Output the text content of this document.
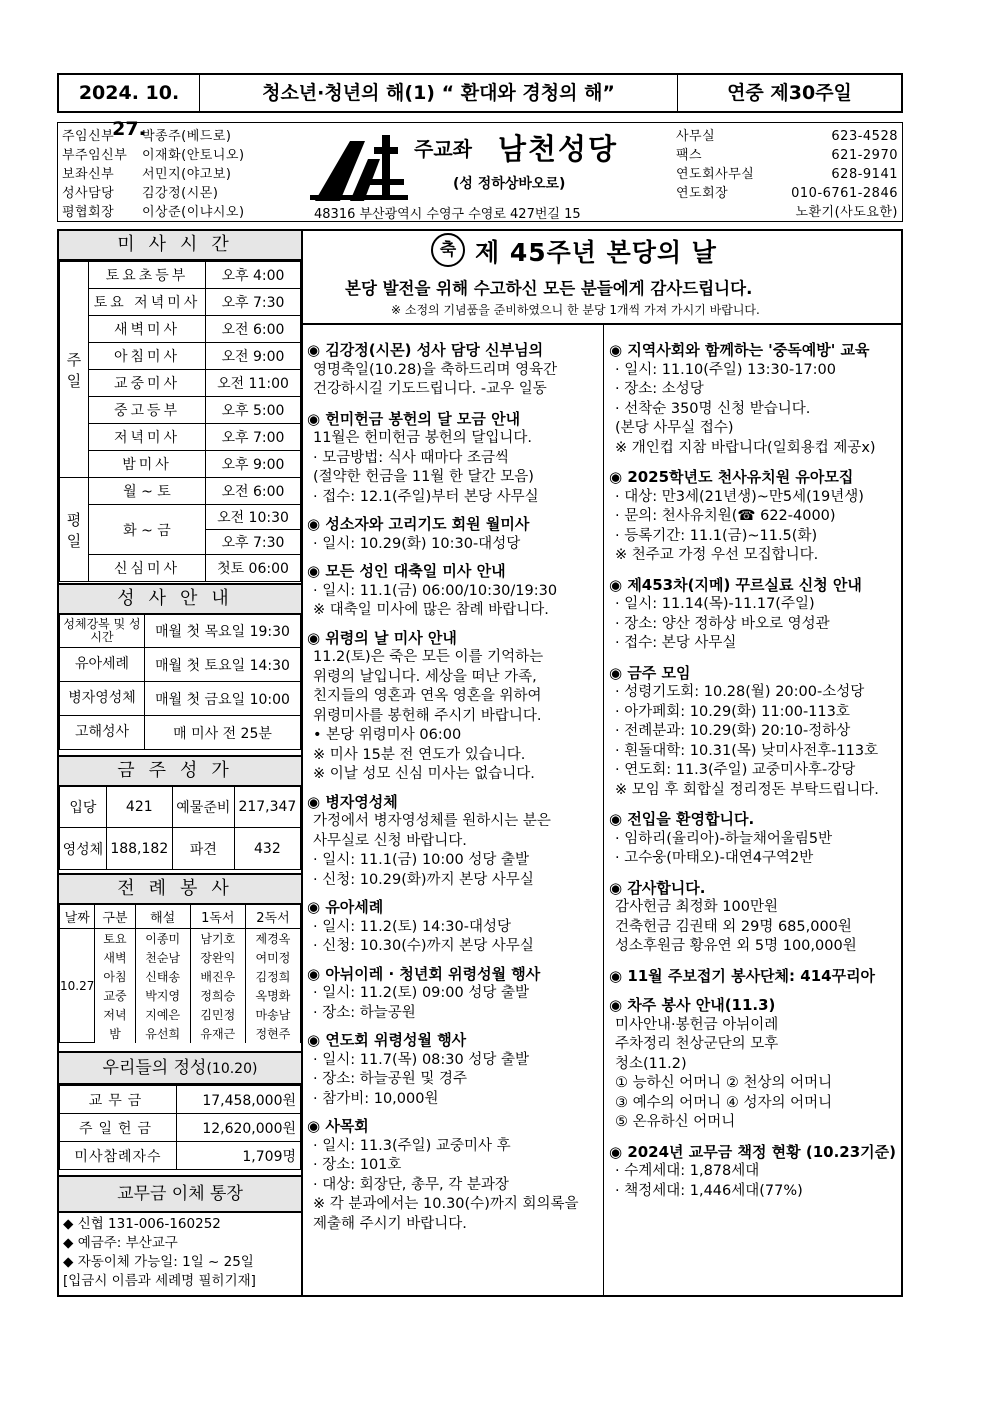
2024. 10. 27.
청소년·청년의 해(1) “ 환대와 경청의 해”	연중 제30주일
주임신부 박종주(베드로)
부주임신부 이재화(안토니오)
보좌신부 서민지(야고보)
성사담당 김강정(시몬)
평협회장 이상준(이냐시오)
주교좌 남천성당
(성 정하상바오로)
48316 부산광역시 수영구 수영로 427번길 15
사무실	623-4528
팩스	621-2970
연도회사무실	628-9141
연도회장	010-6761-2846
노환기(사도요한)
미사시간
주일	토요초등부	오후 4:00
	토요 저녁미사	오후 7:30
	새벽미사	오전 6:00
	아침미사	오전 9:00
	교중미사	오전 11:00
	중고등부	오후 5:00
	저녁미사	오후 7:00
	밤미사	오후 9:00
평일	월 ~ 토	오전 6:00
	화 ~ 금	오전 10:30
		오후 7:30
	신심미사	첫토 06:00
성사안내
성체강복 및 성시간	매월 첫 목요일 19:30
유아세례	매월 첫 토요일 14:30
병자영성체	매월 첫 금요일 10:00
고해성사	매 미사 전 25분
금주성가
입당	421	예물준비	217,347
영성체	188,182	파견	432
전례봉사
날짜	구분	해설	1독서	2독서
10.27	토요	이종미	남기호	제경옥
	새벽	천순남	장완익	여미정
	아침	신태송	배진우	김정희
	교중	박지영	정희승	옥명화
	저녁	지예은	김민정	마송남
	밤	유선희	유재근	정현주
우리들의 정성(10.20)
교무금	17,458,000원
주일헌금	12,620,000원
미사참례자수	1,709명
교무금 이체 통장
◆ 신협 131-006-160252
◆ 예금주: 부산교구
◆ 자동이체 가능일: 1일 ~ 25일
[입금시 이름과 세례명 필히기재]
축 제 45주년 본당의 날
본당 발전을 위해 수고하신 모든 분들에게 감사드립니다.
※ 소정의 기념품을 준비하였으니 한 분당 1개씩 가져 가시기 바랍니다.
◉ 김강정(시몬) 성사 담당 신부님의
영명축일(10.28)을 축하드리며 영육간
건강하시길 기도드립니다. -교우 일동
◉ 헌미헌금 봉헌의 달 모금 안내
11월은 헌미헌금 봉헌의 달입니다.
· 모금방법: 식사 때마다 조금씩
(절약한 헌금을 11월 한 달간 모음)
· 접수: 12.1(주일)부터 본당 사무실
◉ 성소자와 고리기도 회원 월미사
· 일시: 10.29(화) 10:30-대성당
◉ 모든 성인 대축일 미사 안내
· 일시: 11.1(금) 06:00/10:30/19:30
※ 대축일 미사에 많은 참례 바랍니다.
◉ 위령의 날 미사 안내
11.2(토)은 죽은 모든 이를 기억하는
위령의 날입니다. 세상을 떠난 가족,
친지들의 영혼과 연옥 영혼을 위하여
위령미사를 봉헌해 주시기 바랍니다.
• 본당 위령미사 06:00
※ 미사 15분 전 연도가 있습니다.
※ 이날 성모 신심 미사는 없습니다.
◉ 병자영성체
가정에서 병자영성체를 원하시는 분은
사무실로 신청 바랍니다.
· 일시: 11.1(금) 10:00 성당 출발
· 신청: 10.29(화)까지 본당 사무실
◉ 유아세례
· 일시: 11.2(토) 14:30-대성당
· 신청: 10.30(수)까지 본당 사무실
◉ 아뉘이레 · 청년회 위령성월 행사
· 일시: 11.2(토) 09:00 성당 출발
· 장소: 하늘공원
◉ 연도회 위령성월 행사
· 일시: 11.7(목) 08:30 성당 출발
· 장소: 하늘공원 및 경주
· 참가비: 10,000원
◉ 사목회
· 일시: 11.3(주일) 교중미사 후
· 장소: 101호
· 대상: 회장단, 총무, 각 분과장
※ 각 분과에서는 10.30(수)까지 회의록을
제출해 주시기 바랍니다.
◉ 지역사회와 함께하는 '중독예방' 교육
· 일시: 11.10(주일) 13:30-17:00
· 장소: 소성당
· 선착순 350명 신청 받습니다.
(본당 사무실 접수)
※ 개인컵 지참 바랍니다(일회용컵 제공x)
◉ 2025학년도 천사유치원 유아모집
· 대상: 만3세(21년생)~만5세(19년생)
· 문의: 천사유치원(☎ 622-4000)
· 등록기간: 11.1(금)~11.5(화)
※ 천주교 가정 우선 모집합니다.
◉ 제453차(지메) 꾸르실료 신청 안내
· 일시: 11.14(목)-11.17(주일)
· 장소: 양산 정하상 바오로 영성관
· 접수: 본당 사무실
◉ 금주 모임
· 성령기도회: 10.28(월) 20:00-소성당
· 아가페회: 10.29(화) 11:00-113호
· 전례분과: 10.29(화) 20:10-정하상
· 흰돌대학: 10.31(목) 낮미사전후-113호
· 연도회: 11.3(주일) 교중미사후-강당
※ 모임 후 회합실 정리정돈 부탁드립니다.
◉ 전입을 환영합니다.
· 임하리(율리아)-하늘채어울림5반
· 고수웅(마태오)-대연4구역2반
◉ 감사합니다.
감사헌금 최정화 100만원
건축헌금 김권태 외 29명 685,000원
성소후원금 황유연 외 5명 100,000원
◉ 11월 주보접기 봉사단체: 414꾸리아
◉ 차주 봉사 안내(11.3)
미사안내·봉헌금 아뉘이레
주차정리 천상군단의 모후
청소(11.2)
① 능하신 어머니 ② 천상의 어머니
③ 예수의 어머니 ④ 성자의 어머니
⑤ 온유하신 어머니
◉ 2024년 교무금 책정 현황 (10.23기준)
· 수계세대: 1,878세대
· 책정세대: 1,446세대(77%)
